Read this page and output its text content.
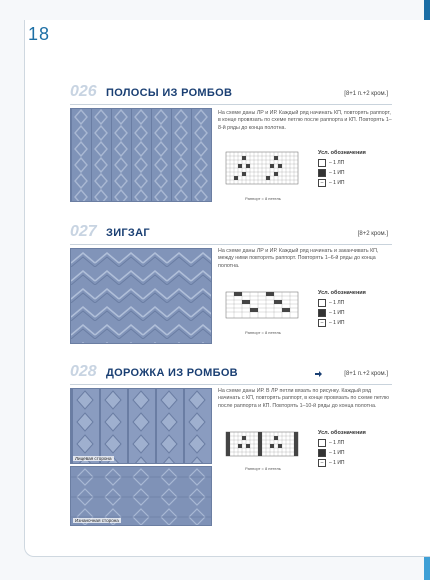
18
026 ПОЛОСЫ ИЗ РОМБОВ	[8+1 п.+2 кром.]
На схеме даны ЛР и ИР. Каждый ряд начинать КП, повторять раппорт, в конце провязать по схеме петлю после раппорта и КП. Повторять 1–8-й ряды до конца полотна.
Раппорт = 8 петель
Усл. обозначения
– 1 ЛП
– 1 ИП
–	– 1 ИП
027 ЗИГЗАГ	[8+2 кром.]
На схеме даны ЛР и ИР. Каждый ряд начинать и заканчивать КП, между ними повторять раппорт. Повторять 1–6-й ряды до конца полотна.
Раппорт = 8 петель
Усл. обозначения
– 1 ЛП
– 1 ИП
–	– 1 ИП
028 ДОРОЖКА ИЗ РОМБОВ	[8+1 п.+2 кром.]
Лицевая сторона
Изнаночная сторона
На схеме даны ИР. В ЛР петли вязать по рисунку. Каждый ряд начинать с КП, повторять раппорт, в конце провязать по схеме петлю после раппорта и КП. Повторять 1–10-й ряды до конца полотна.
Раппорт = 8 петель
Усл. обозначения
– 1 ЛП
– 1 ИП
–	– 1 ИП
